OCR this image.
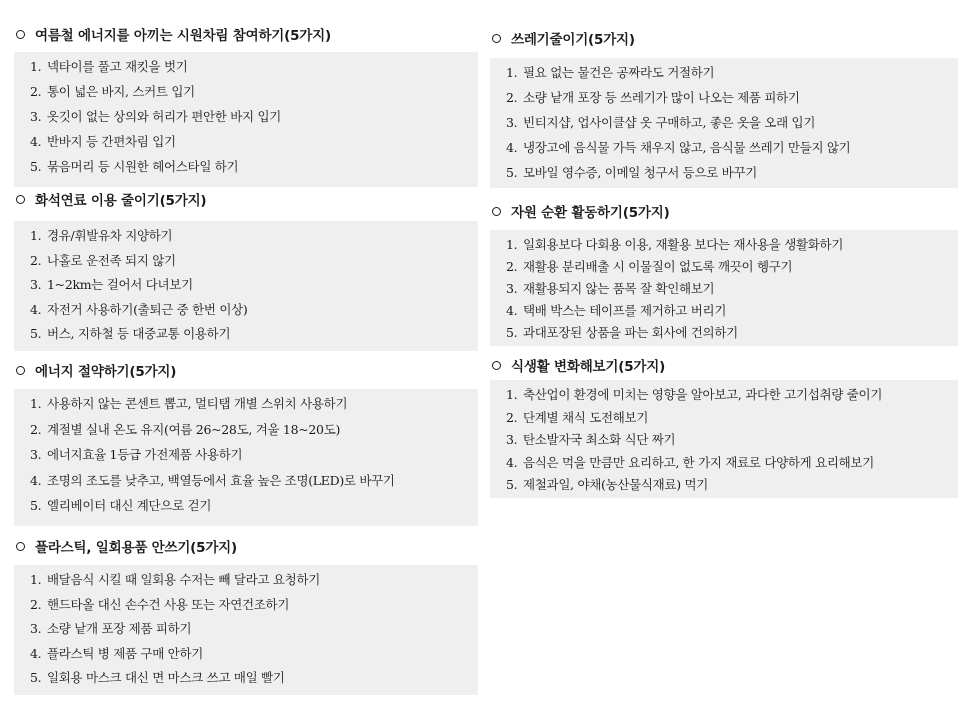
여름철 에너지를 아끼는 시원차림 참여하기(5가지)
1. 넥타이를 풀고 재킷을 벗기
2. 통이 넓은 바지, 스커트 입기
3. 옷깃이 없는 상의와 허리가 편안한 바지 입기
4. 반바지 등 간편차림 입기
5. 묶음머리 등 시원한 헤어스타일 하기
화석연료 이용 줄이기(5가지)
1. 경유/휘발유차 지양하기
2. 나홀로 운전족 되지 않기
3. 1~2km는 걸어서 다녀보기
4. 자전거 사용하기(출퇴근 중 한번 이상)
5. 버스, 지하철 등 대중교통 이용하기
에너지 절약하기(5가지)
1. 사용하지 않는 콘센트 뽑고, 멀티탭 개별 스위치 사용하기
2. 계절별 실내 온도 유지(여름 26~28도, 겨울 18~20도)
3. 에너지효율 1등급 가전제품 사용하기
4. 조명의 조도를 낮추고, 백열등에서 효율 높은 조명(LED)로 바꾸기
5. 엘리베이터 대신 계단으로 걷기
플라스틱, 일회용품 안쓰기(5가지)
1. 배달음식 시킬 때 일회용 수저는 빼 달라고 요청하기
2. 핸드타올 대신 손수건 사용 또는 자연건조하기
3. 소량 낱개 포장 제품 피하기
4. 플라스틱 병 제품 구매 안하기
5. 일회용 마스크 대신 면 마스크 쓰고 매일 빨기
쓰레기줄이기(5가지)
1. 필요 없는 물건은 공짜라도 거절하기
2. 소량 낱개 포장 등 쓰레기가 많이 나오는 제품 피하기
3. 빈티지샵, 업사이클샵 옷 구매하고, 좋은 옷을 오래 입기
4. 냉장고에 음식물 가득 채우지 않고, 음식물 쓰레기 만들지 않기
5. 모바일 영수증, 이메일 청구서 등으로 바꾸기
자원 순환 활동하기(5가지)
1. 일회용보다 다회용 이용, 재활용 보다는 재사용을 생활화하기
2. 재활용 분리배출 시 이물질이 없도록 깨끗이 헹구기
3. 재활용되지 않는 품목 잘 확인해보기
4. 택배 박스는 테이프를 제거하고 버리기
5. 과대포장된 상품을 파는 회사에 건의하기
식생활 변화해보기(5가지)
1. 축산업이 환경에 미치는 영향을 알아보고, 과다한 고기섭취량 줄이기
2. 단계별 채식 도전해보기
3. 탄소발자국 최소화 식단 짜기
4. 음식은 먹을 만큼만 요리하고, 한 가지 재료로 다양하게 요리해보기
5. 제철과일, 야채(농산물식재료) 먹기
